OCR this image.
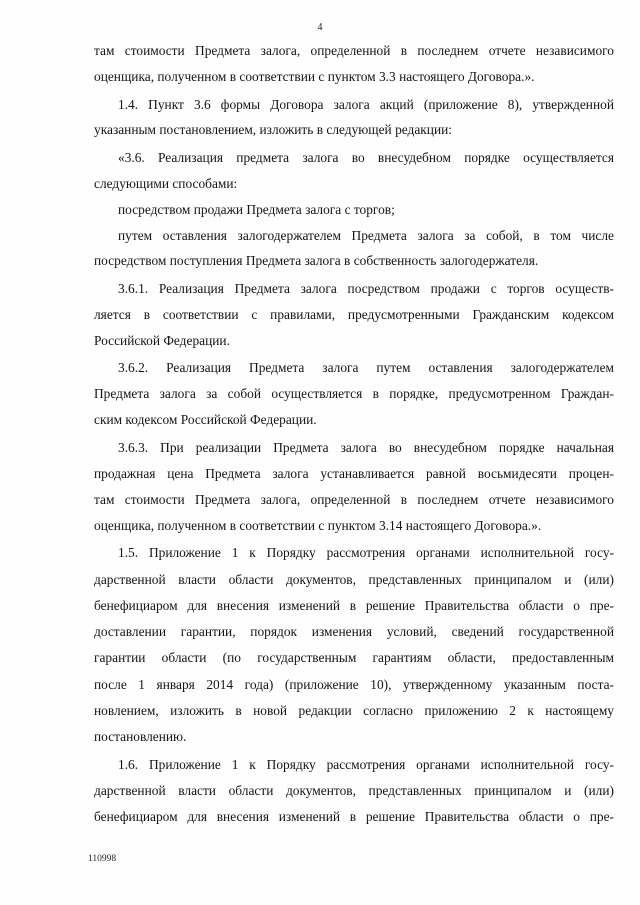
4
там стоимости Предмета залога, определенной в последнем отчете независимого
оценщика, полученном в соответствии с пунктом 3.3 настоящего Договора.».
1.4. Пункт 3.6 формы Договора залога акций (приложение 8), утвержденной
указанным постановлением, изложить в следующей редакции:
«3.6. Реализация предмета залога во внесудебном порядке осуществляется
следующими способами:
посредством продажи Предмета залога с торгов;
путем оставления залогодержателем Предмета залога за собой, в том числе
посредством поступления Предмета залога в собственность залогодержателя.
3.6.1. Реализация Предмета залога посредством продажи с торгов осуществ-
ляется в соответствии с правилами, предусмотренными Гражданским кодексом
Российской Федерации.
3.6.2. Реализация Предмета залога путем оставления залогодержателем
Предмета залога за собой осуществляется в порядке, предусмотренном Граждан-
ским кодексом Российской Федерации.
3.6.3. При реализации Предмета залога во внесудебном порядке начальная
продажная цена Предмета залога устанавливается равной восьмидесяти процен-
там стоимости Предмета залога, определенной в последнем отчете независимого
оценщика, полученном в соответствии с пунктом 3.14 настоящего Договора.».
1.5. Приложение 1 к Порядку рассмотрения органами исполнительной госу-
дарственной власти области документов, представленных принципалом и (или)
бенефициаром для внесения изменений в решение Правительства области о пре-
доставлении гарантии, порядок изменения условий, сведений государственной
гарантии области (по государственным гарантиям области, предоставленным
после 1 января 2014 года) (приложение 10), утвержденному указанным поста-
новлением, изложить в новой редакции согласно приложению 2 к настоящему
постановлению.
1.6. Приложение 1 к Порядку рассмотрения органами исполнительной госу-
дарственной власти области документов, представленных принципалом и (или)
бенефициаром для внесения изменений в решение Правительства области о пре-
110998
